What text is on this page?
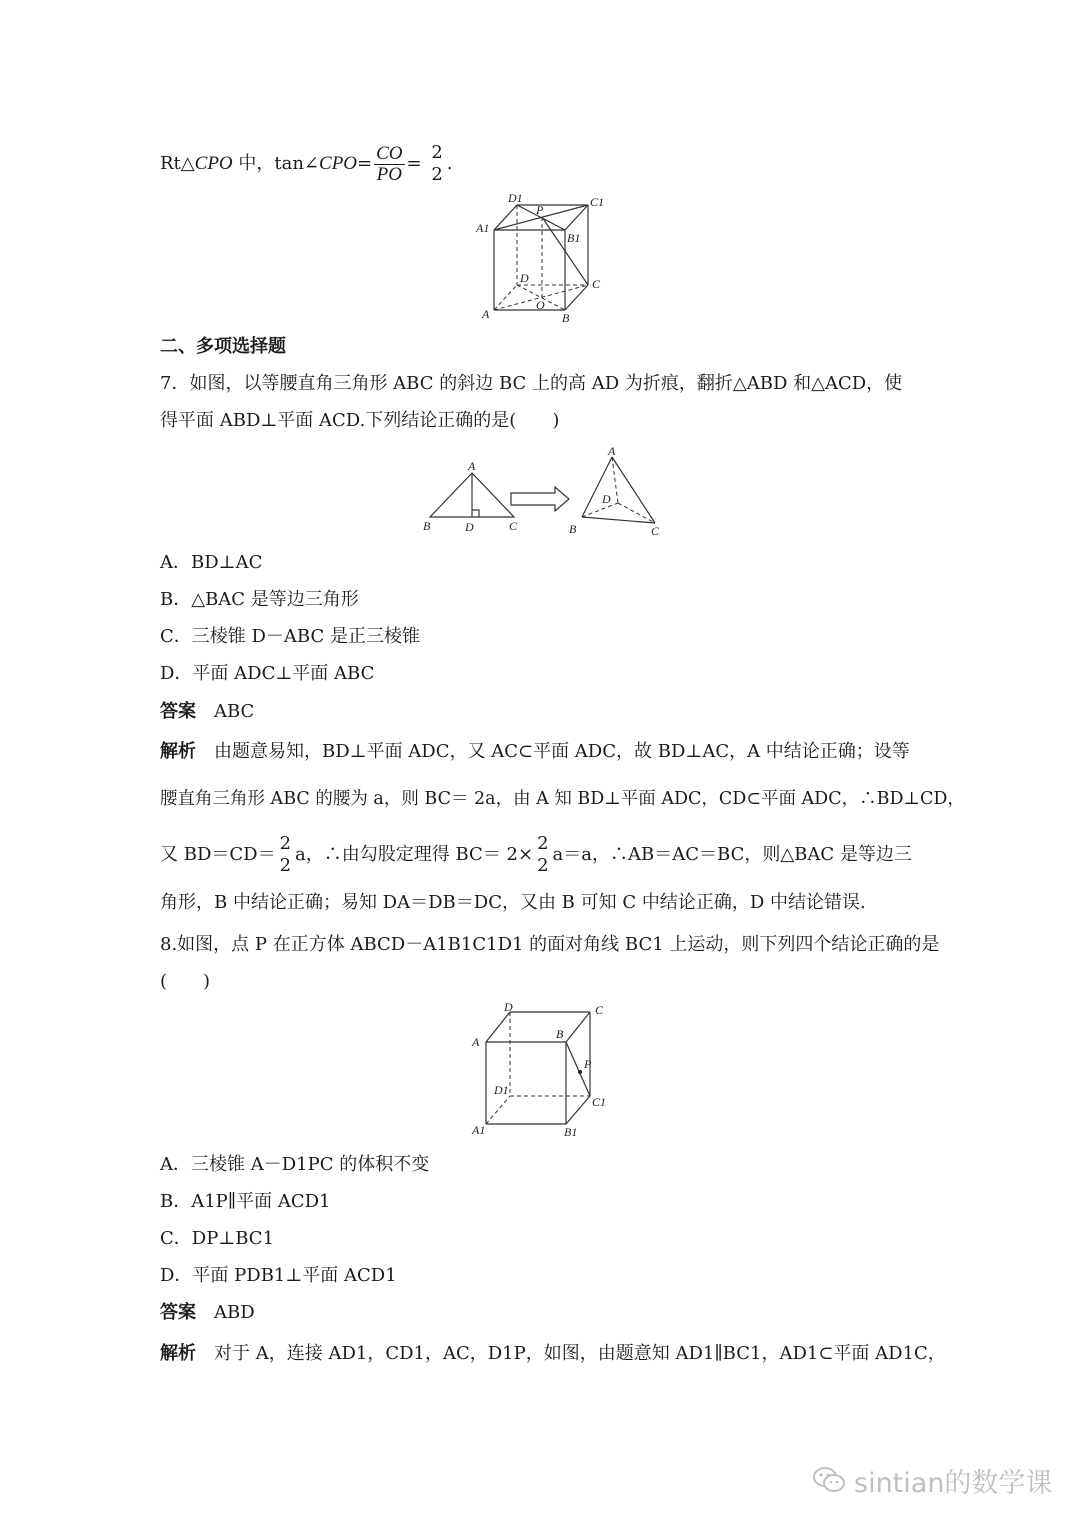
Rt△CPO 中，tan∠CPO= $\frac{CO}{PO}$ =
2
2
.
D1
P
C1
A1
B1
D	C
O
A	B
二、多项选择题
7．如图，以等腰直角三角形 ABC 的斜边 BC 上的高 AD 为折痕，翻折△ABD 和△ACD，使
得平面 ABD⊥平面 ACD.下列结论正确的是(　　)
A
B	D	C
A
D
B	C
A．BD⊥AC
B．△BAC 是等边三角形
C．三棱锥 D－ABC 是正三棱锥
D．平面 ADC⊥平面 ABC
答案　 ABC
解析　 由题意易知，BD⊥平面 ADC，又 AC⊂平面 ADC，故 BD⊥AC，A 中结论正确；设等
腰直角三角形 ABC 的腰为 a，则 BC＝ 2a，由 A 知 BD⊥平面 ADC，CD⊂平面 ADC，∴BD⊥CD，
又 BD＝CD＝
2
2
a，∴由勾股定理得 BC＝ 2×
2
2
a＝a，∴AB＝AC＝BC，则△BAC 是等边三
角形，B 中结论正确；易知 DA＝DB＝DC，又由 B 可知 C 中结论正确，D 中结论错误.
8.如图，点 P 在正方体 ABCD－A1B1C1D1 的面对角线 BC1 上运动，则下列四个结论正确的是
(　　)
D	C
A
B
P
D1
C1
A1	B1
A．三棱锥 A－D1PC 的体积不变
B．A1P∥平面 ACD1
C．DP⊥BC1
D．平面 PDB1⊥平面 ACD1
答案　 ABD
解析　 对于 A，连接 AD1，CD1，AC，D1P，如图，由题意知 AD1∥BC1，AD1⊂平面 AD1C，
sintian的数学课
